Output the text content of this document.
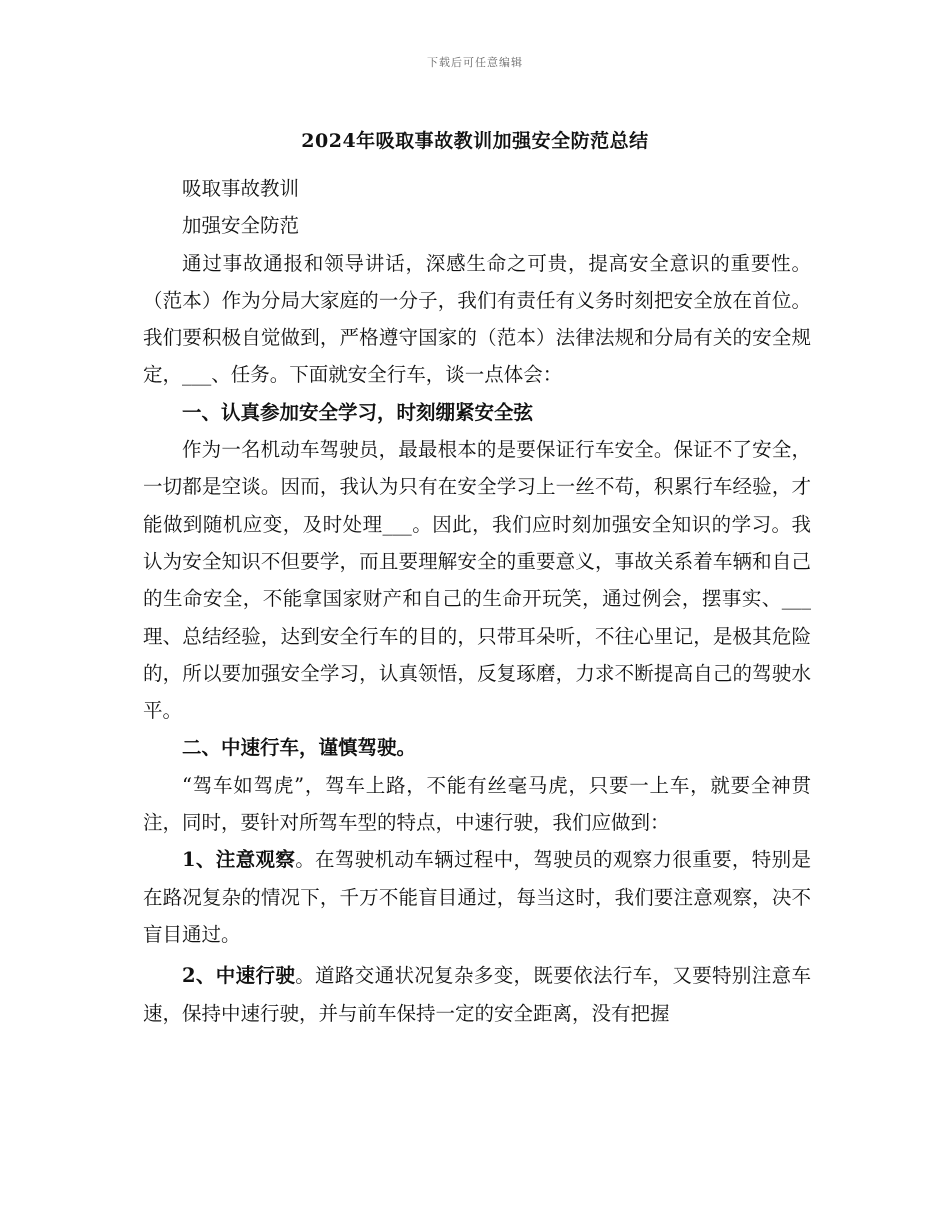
下载后可任意编辑
2024年吸取事故教训加强安全防范总结

吸取事故教训

加强安全防范

通过事故通报和领导讲话，深感生命之可贵，提高安全意识的重要性。（范本）作为分局大家庭的一分子，我们有责任有义务时刻把安全放在首位。我们要积极自觉做到，严格遵守国家的（范本）法律法规和分局有关的安全规定，___、任务。下面就安全行车，谈一点体会：

一、认真参加安全学习，时刻绷紧安全弦

作为一名机动车驾驶员，最最根本的是要保证行车安全。保证不了安全，一切都是空谈。因而，我认为只有在安全学习上一丝不苟，积累行车经验，才能做到随机应变，及时处理___。因此，我们应时刻加强安全知识的学习。我认为安全知识不但要学，而且要理解安全的重要意义，事故关系着车辆和自己的生命安全，不能拿国家财产和自己的生命开玩笑，通过例会，摆事实、___理、总结经验，达到安全行车的目的，只带耳朵听，不往心里记，是极其危险的，所以要加强安全学习，认真领悟，反复琢磨，力求不断提高自己的驾驶水平。

二、中速行车，谨慎驾驶。

“驾车如驾虎”，驾车上路，不能有丝毫马虎，只要一上车，就要全神贯注，同时，要针对所驾车型的特点，中速行驶，我们应做到：

1、注意观察。在驾驶机动车辆过程中，驾驶员的观察力很重要，特别是在路况复杂的情况下，千万不能盲目通过，每当这时，我们要注意观察，决不盲目通过。

2、中速行驶。道路交通状况复杂多变，既要依法行车，又要特别注意车速，保持中速行驶，并与前车保持一定的安全距离，没有把握
